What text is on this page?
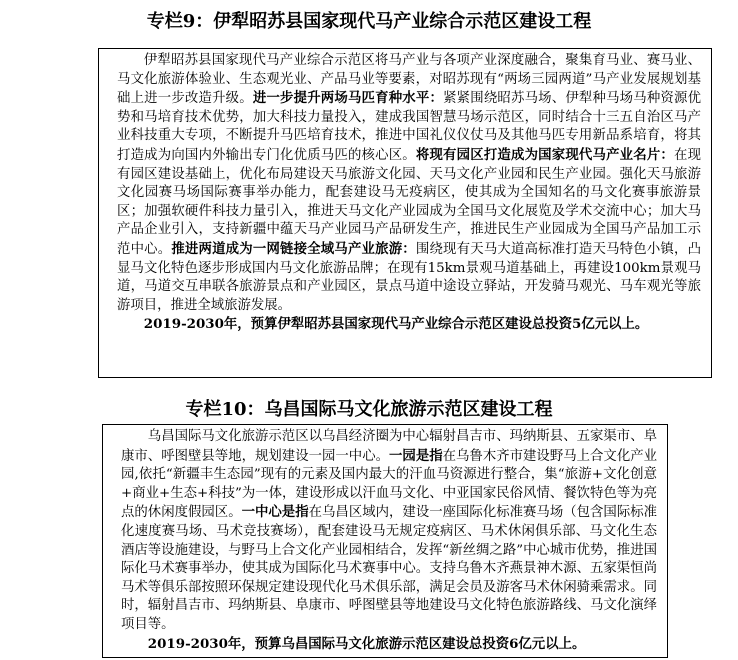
专栏9：伊犁昭苏县国家现代马产业综合示范区建设工程

伊犁昭苏县国家现代马产业综合示范区将马产业与各项产业深度融合，聚集育马业、赛马业、马文化旅游体验业、生态观光业、产品马业等要素，对昭苏现有“两场三园两道”马产业发展规划基础上进一步改造升级。进一步提升两场马匹育种水平：紧紧围绕昭苏马场、伊犁种马场马种资源优势和马培育技术优势，加大科技力量投入，建成我国智慧马场示范区，同时结合十三五自治区马产业科技重大专项，不断提升马匹培育技术，推进中国礼仪仪仗马及其他马匹专用新品系培育，将其打造成为向国内外输出专门化优质马匹的核心区。将现有园区打造成为国家现代马产业名片：在现有园区建设基础上，优化布局建设天马旅游文化园、天马文化产业园和民生产业园。强化天马旅游文化园赛马场国际赛事举办能力，配套建设马无疫病区，使其成为全国知名的马文化赛事旅游景区；加强软硬件科技力量引入，推进天马文化产业园成为全国马文化展览及学术交流中心；加大马产品企业引入，支持新疆中蕴天马产业园马产品研发生产，推进民生产业园成为全国马产品加工示范中心。推进两道成为一网链接全域马产业旅游：围绕现有天马大道高标准打造天马特色小镇，凸显马文化特色逐步形成国内马文化旅游品牌；在现有15km景观马道基础上，再建设100km景观马道，马道交互串联各旅游景点和产业园区，景点马道中途设立驿站，开发骑马观光、马车观光等旅游项目，推进全域旅游发展。

2019-2030年，预算伊犁昭苏县国家现代马产业综合示范区建设总投资5亿元以上。

专栏10：乌昌国际马文化旅游示范区建设工程

乌昌国际马文化旅游示范区以乌昌经济圈为中心辐射昌吉市、玛纳斯县、五家渠市、阜康市、呼图壁县等地，规划建设一园一中心。一园是指在乌鲁木齐市建设野马上合文化产业园,依托“新疆丰生态园”现有的元素及国内最大的汗血马资源进行整合，集“旅游+文化创意+商业+生态+科技”为一体，建设形成以汗血马文化、中亚国家民俗风情、餐饮特色等为亮点的休闲度假园区。一中心是指在乌昌区域内，建设一座国际化标准赛马场（包含国际标准化速度赛马场、马术竞技赛场），配套建设马无规定疫病区、马术休闲俱乐部、马文化生态酒店等设施建设，与野马上合文化产业园相结合，发挥“新丝绸之路”中心城市优势，推进国际化马术赛事举办，使其成为国际化马术赛事中心。支持乌鲁木齐燕景神木源、五家渠恒尚马术等俱乐部按照环保规定建设现代化马术俱乐部，满足会员及游客马术休闲骑乘需求。同时，辐射昌吉市、玛纳斯县、阜康市、呼图壁县等地建设马文化特色旅游路线、马文化演绎项目等。

2019-2030年，预算乌昌国际马文化旅游示范区建设总投资6亿元以上。
